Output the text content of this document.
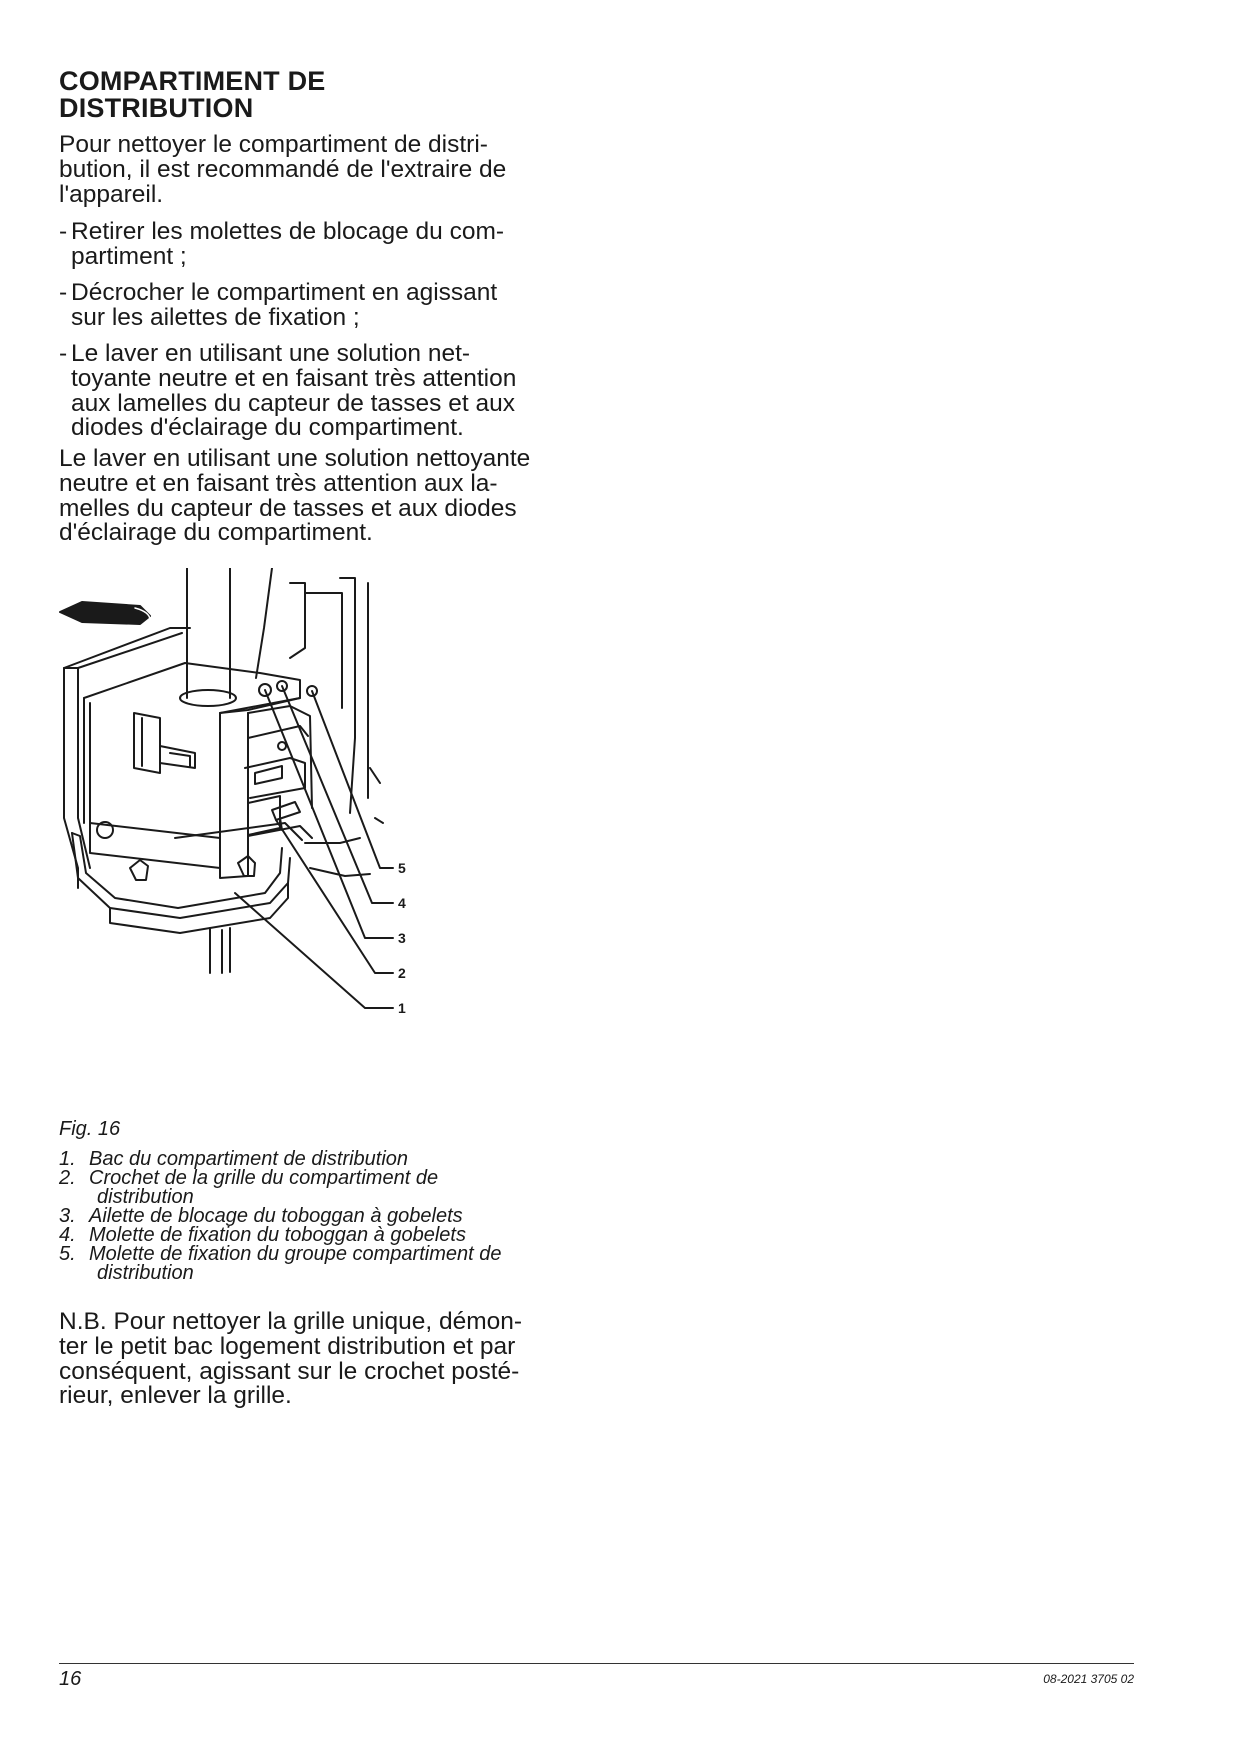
COMPARTIMENT DE
DISTRIBUTION

Pour nettoyer le compartiment de distri-
bution, il est recommandé de l'extraire de
l'appareil.

- Retirer les molettes de blocage du com-
partiment ;

- Décrocher le compartiment en agissant
sur les ailettes de fixation ;

- Le laver en utilisant une solution net-
toyante neutre et en faisant très attention
aux lamelles du capteur de tasses et aux
diodes d'éclairage du compartiment.

Le laver en utilisant une solution nettoyante
neutre et en faisant très attention aux la-
melles du capteur de tasses et aux diodes
d'éclairage du compartiment.

5
4
3
2
1
Fig. 16
1. Bac du compartiment de distribution
2. Crochet de la grille du compartiment de
distribution
3. Ailette de blocage du toboggan à gobelets
4. Molette de fixation du toboggan à gobelets
5. Molette de fixation du groupe compartiment de
distribution
N.B. Pour nettoyer la grille unique, démon-
ter le petit bac logement distribution et par
conséquent, agissant sur le crochet posté-
rieur, enlever la grille.
16	08-2021 3705 02
